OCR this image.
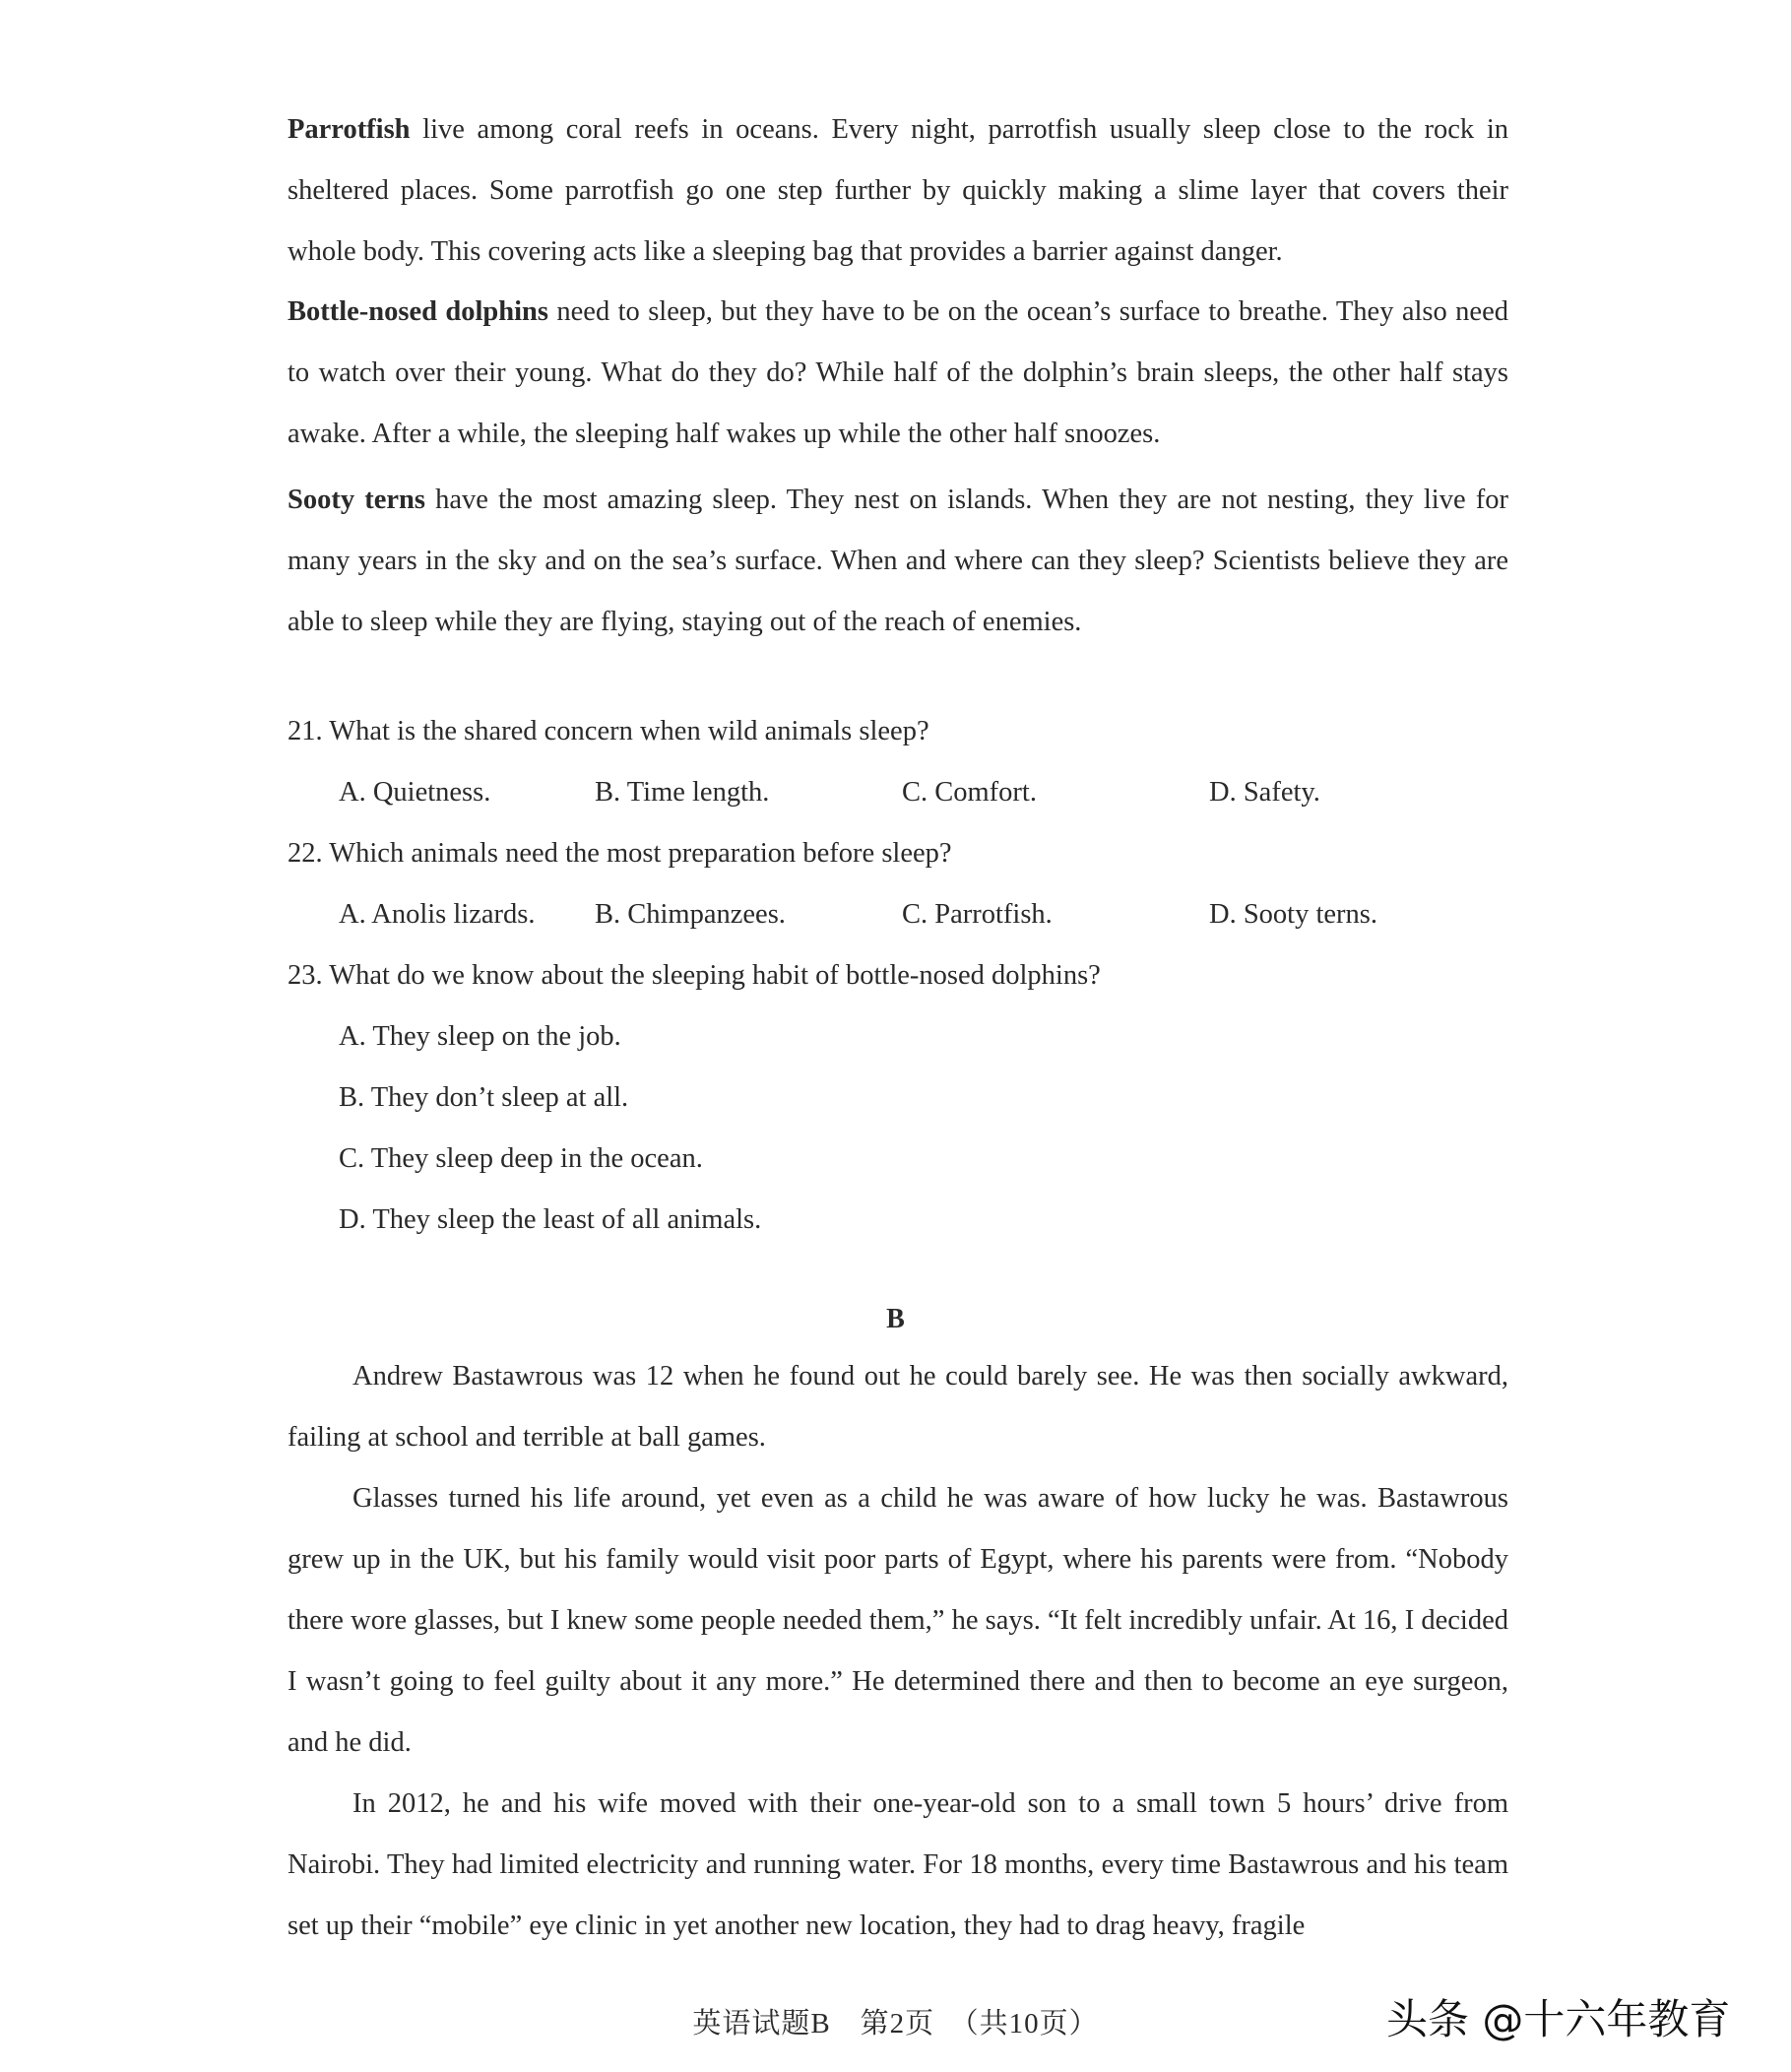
Parrotfish live among coral reefs in oceans. Every night, parrotfish usually sleep close to the rock in sheltered places. Some parrotfish go one step further by quickly making a slime layer that covers their whole body. This covering acts like a sleeping bag that provides a barrier against danger.

Bottle-nosed dolphins need to sleep, but they have to be on the ocean’s surface to breathe. They also need to watch over their young. What do they do? While half of the dolphin’s brain sleeps, the other half stays awake. After a while, the sleeping half wakes up while the other half snoozes.

Sooty terns have the most amazing sleep. They nest on islands. When they are not nesting, they live for many years in the sky and on the sea’s surface. When and where can they sleep? Scientists believe they are able to sleep while they are flying, staying out of the reach of enemies.

21. What is the shared concern when wild animals sleep?
A. Quietness.	B. Time length.	C. Comfort.	D. Safety.
22. Which animals need the most preparation before sleep?
A. Anolis lizards. B. Chimpanzees.	C. Parrotfish.	D. Sooty terns.
23. What do we know about the sleeping habit of bottle-nosed dolphins?
A. They sleep on the job.
B. They don’t sleep at all.
C. They sleep deep in the ocean.
D. They sleep the least of all animals.
B

Andrew Bastawrous was 12 when he found out he could barely see. He was then socially awkward, failing at school and terrible at ball games.

Glasses turned his life around, yet even as a child he was aware of how lucky he was. Bastawrous grew up in the UK, but his family would visit poor parts of Egypt, where his parents were from. “Nobody there wore glasses, but I knew some people needed them,” he says. “It felt incredibly unfair. At 16, I decided I wasn’t going to feel guilty about it any more.” He determined there and then to become an eye surgeon, and he did.

In 2012, he and his wife moved with their one-year-old son to a small town 5 hours’ drive from Nairobi. They had limited electricity and running water. For 18 months, every time Bastawrous and his team set up their “mobile” eye clinic in yet another new location, they had to drag heavy, fragile

英语试题B　第2页　（共10页）	头条 @十六年教育
